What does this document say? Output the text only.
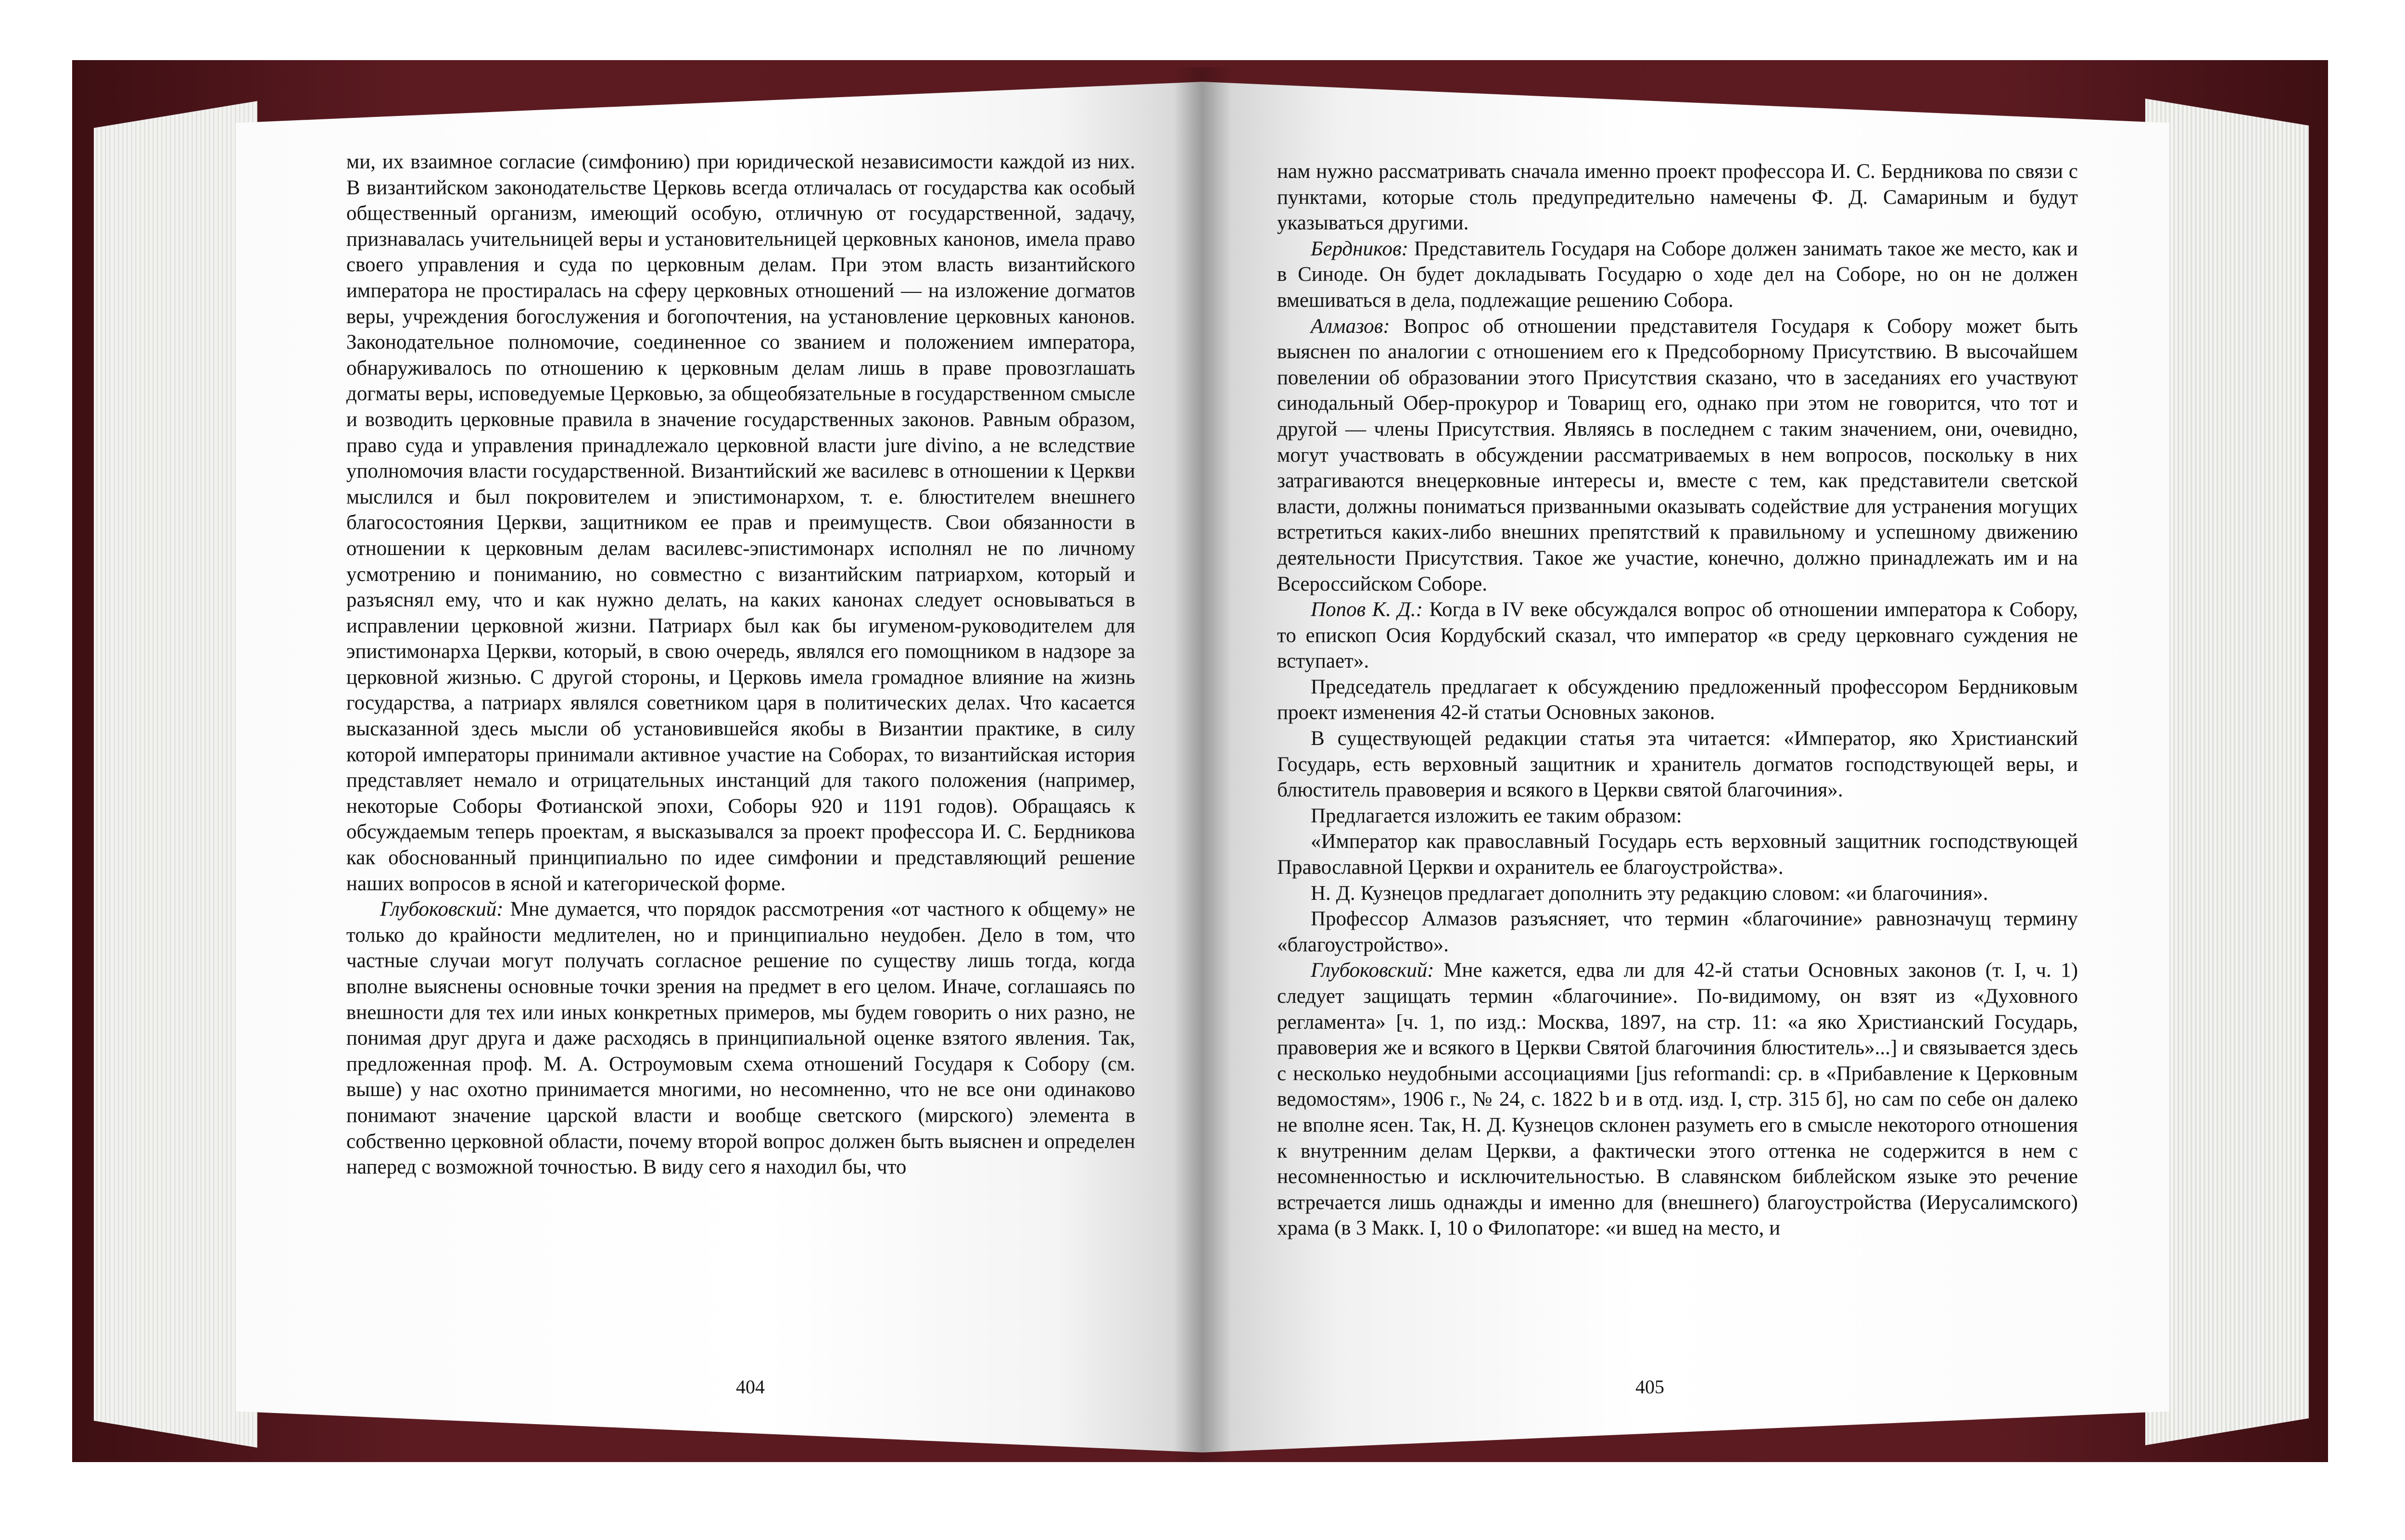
ми, их взаимное согласие (симфонию) при юридической независимости каждой из них. В византийском законодательстве Церковь всегда отличалась от государства как особый общественный организм, имеющий особую, отличную от государственной, задачу, признавалась учительницей веры и установительницей церковных канонов, имела право своего управления и суда по церковным делам. При этом власть византийского императора не простиралась на сферу церковных отношений — на изложение догматов веры, учреждения богослужения и богопочтения, на установление церковных канонов. Законодательное полномочие, соединенное со званием и положением императора, обнаруживалось по отношению к церковным делам лишь в праве провозглашать догматы веры, исповедуемые Церковью, за общеобязательные в государственном смысле и возводить церковные правила в значение государственных законов. Равным образом, право суда и управления принадлежало церковной власти jure divino, а не вследствие уполномочия власти государственной. Византийский же василевс в отношении к Церкви мыслился и был покровителем и эпистимонархом, т. е. блюстителем внешнего благосостояния Церкви, защитником ее прав и преимуществ. Свои обязанности в отношении к церковным делам василевс-эпистимонарх исполнял не по личному усмотрению и пониманию, но совместно с византийским патриархом, который и разъяснял ему, что и как нужно делать, на каких канонах следует основываться в исправлении церковной жизни. Патриарх был как бы игуменом-руководителем для эпистимонарха Церкви, который, в свою очередь, являлся его помощником в надзоре за церковной жизнью. С другой стороны, и Церковь имела громадное влияние на жизнь государства, а патриарх являлся советником царя в политических делах. Что касается высказанной здесь мысли об установившейся якобы в Византии практике, в силу которой императоры принимали активное участие на Соборах, то византийская история представляет немало и отрицательных инстанций для такого положения (например, некоторые Соборы Фотианской эпохи, Соборы 920 и 1191 годов). Обращаясь к обсуждаемым теперь проектам, я высказывался за проект профессора И. С. Бердникова как обоснованный принципиально по идее симфонии и представляющий решение наших вопросов в ясной и категорической форме.

Глубоковский: Мне думается, что порядок рассмотрения «от частного к общему» не только до крайности медлителен, но и принципиально неудобен. Дело в том, что частные случаи могут получать согласное решение по существу лишь тогда, когда вполне выяснены основные точки зрения на предмет в его целом. Иначе, соглашаясь по внешности для тех или иных конкретных примеров, мы будем говорить о них разно, не понимая друг друга и даже расходясь в принципиальной оценке взятого явления. Так, предложенная проф. М. А. Остроумовым схема отношений Государя к Собору (см. выше) у нас охотно принимается многими, но несомненно, что не все они одинаково понимают значение царской власти и вообще светского (мирского) элемента в собственно церковной области, почему второй вопрос должен быть выяснен и определен наперед с возможной точностью. В виду сего я находил бы, что

нам нужно рассматривать сначала именно проект профессора И. С. Бердникова по связи с пунктами, которые столь предупредительно намечены Ф. Д. Самариным и будут указываться другими.

Бердников: Представитель Государя на Соборе должен занимать такое же место, как и в Синоде. Он будет докладывать Государю о ходе дел на Соборе, но он не должен вмешиваться в дела, подлежащие решению Собора.

Алмазов: Вопрос об отношении представителя Государя к Собору может быть выяснен по аналогии с отношением его к Предсоборному Присутствию. В высочайшем повелении об образовании этого Присутствия сказано, что в заседаниях его участвуют синодальный Обер-прокурор и Товарищ его, однако при этом не говорится, что тот и другой — члены Присутствия. Являясь в последнем с таким значением, они, очевидно, могут участвовать в обсуждении рассматриваемых в нем вопросов, поскольку в них затрагиваются внецерковные интересы и, вместе с тем, как представители светской власти, должны пониматься призванными оказывать содействие для устранения могущих встретиться каких-либо внешних препятствий к правильному и успешному движению деятельности Присутствия. Такое же участие, конечно, должно принадлежать им и на Всероссийском Соборе.

Попов К. Д.: Когда в IV веке обсуждался вопрос об отношении императора к Собору, то епископ Осия Кордубский сказал, что император «в среду церковнаго суждения не вступает».

Председатель предлагает к обсуждению предложенный профессором Бердниковым проект изменения 42-й статьи Основных законов.

В существующей редакции статья эта читается: «Император, яко Христианский Государь, есть верховный защитник и хранитель догматов господствующей веры, и блюститель правоверия и всякого в Церкви святой благочиния».

Предлагается изложить ее таким образом:

«Император как православный Государь есть верховный защитник господствующей Православной Церкви и охранитель ее благоустройства».

Н. Д. Кузнецов предлагает дополнить эту редакцию словом: «и благочиния».

Профессор Алмазов разъясняет, что термин «благочиние» равнозначущ термину «благоустройство».

Глубоковский: Мне кажется, едва ли для 42-й статьи Основных законов (т. I, ч. 1) следует защищать термин «благочиние». По-видимому, он взят из «Духовного регламента» [ч. 1, по изд.: Москва, 1897, на стр. 11: «а яко Христианский Государь, правоверия же и всякого в Церкви Святой благочиния блюститель»...] и связывается здесь с несколько неудобными ассоциациями [jus reformandi: ср. в «Прибавление к Церковным ведомостям», 1906 г., № 24, с. 1822 b и в отд. изд. I, стр. 315 б], но сам по себе он далеко не вполне ясен. Так, Н. Д. Кузнецов склонен разуметь его в смысле некоторого отношения к внутренним делам Церкви, а фактически этого оттенка не содержится в нем с несомненностью и исключительностью. В славянском библейском языке это речение встречается лишь однажды и именно для (внешнего) благоустройства (Иерусалимского) храма (в 3 Макк. I, 10 о Филопаторе: «и вшед на место, и

404	405
